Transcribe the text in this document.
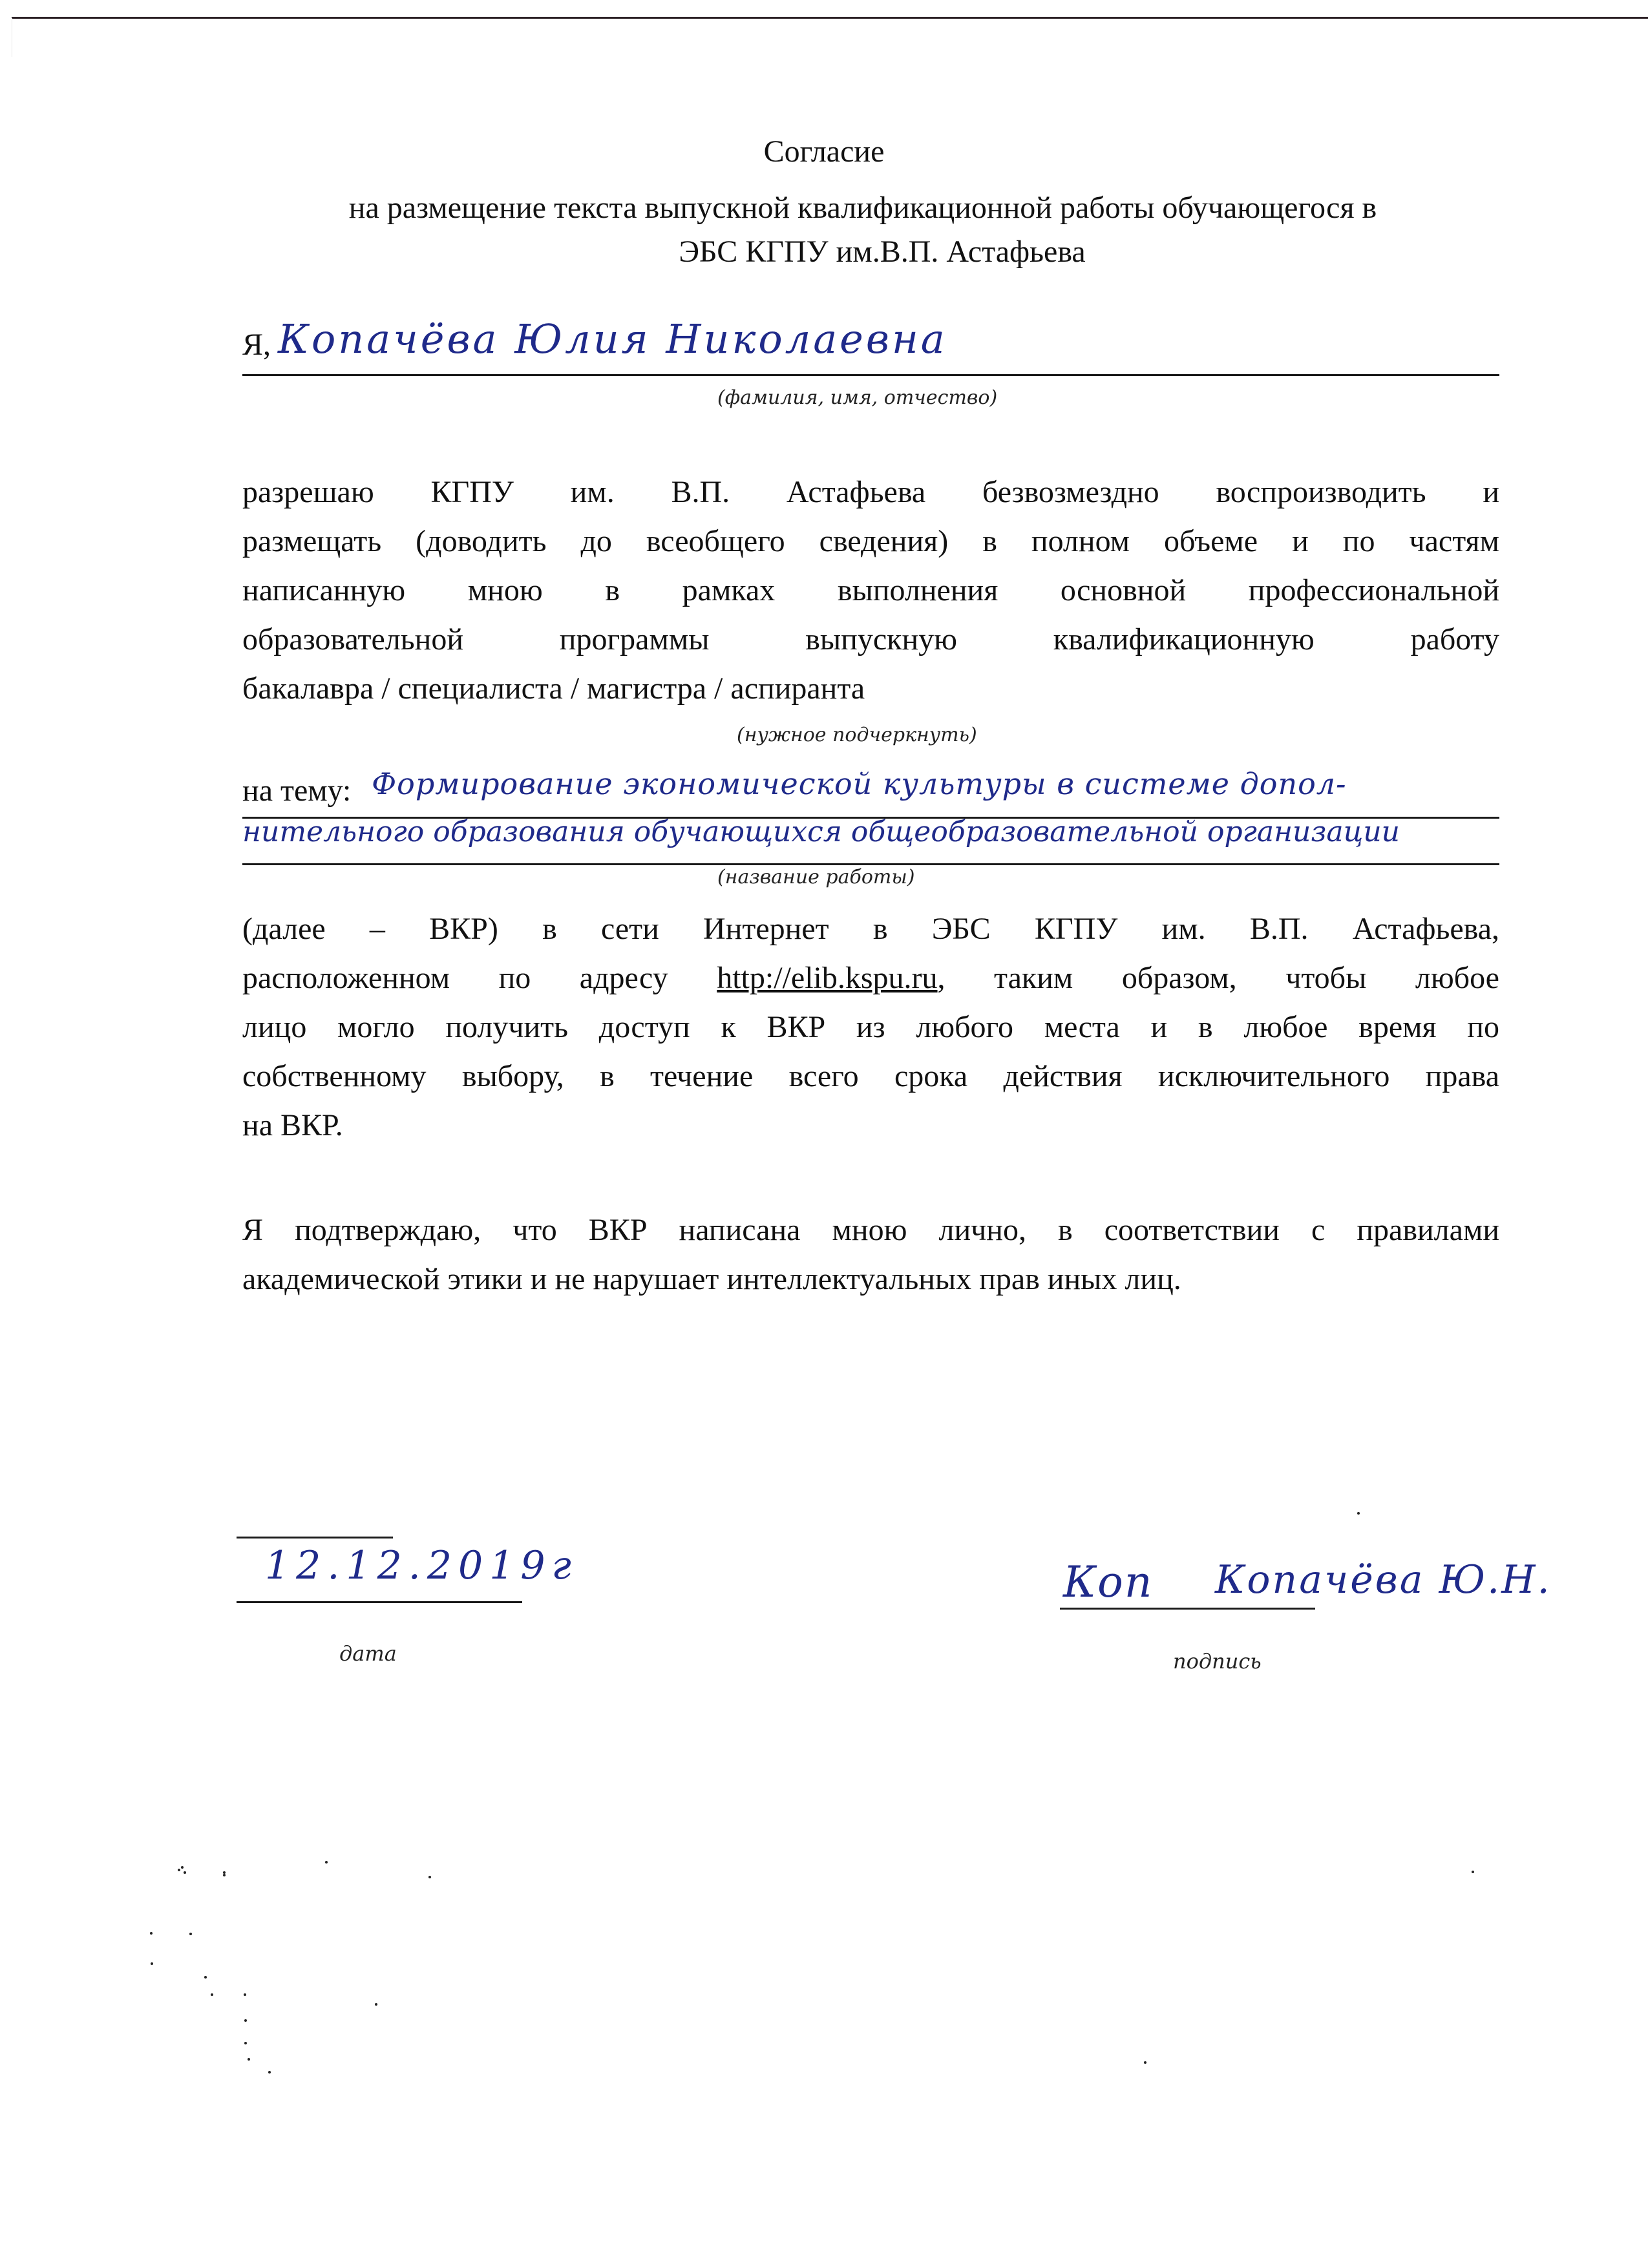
Согласие
на размещение текста выпускной квалификационной работы обучающегося в
ЭБС КГПУ им.В.П. Астафьева
Я, Копачёва Юлия Николаевна
(фамилия, имя, отчество)
разрешаю КГПУ им. В.П. Астафьева безвозмездно воспроизводить и
размещать (доводить до всеобщего сведения) в полном объеме и по частям
написанную мною в рамках выполнения основной профессиональной
образовательной программы выпускную квалификационную работу
бакалавра / специалиста / магистра / аспиранта
(нужное подчеркнуть)
на тему: Формирование экономической культуры в системе допол-
нительного образования обучающихся общеобразовательной организации
(название работы)
(далее – ВКР) в сети Интернет в ЭБС КГПУ им. В.П. Астафьева,
расположенном по адресу http://elib.kspu.ru, таким образом, чтобы любое
лицо могло получить доступ к ВКР из любого места и в любое время по
собственному выбору, в течение всего срока действия исключительного права
на ВКР.
Я подтверждаю, что ВКР написана мною лично, в соответствии с правилами
академической этики и не нарушает интеллектуальных прав иных лиц.
12.12.2019г
дата
Коп Копачёва Ю.Н.
подпись
